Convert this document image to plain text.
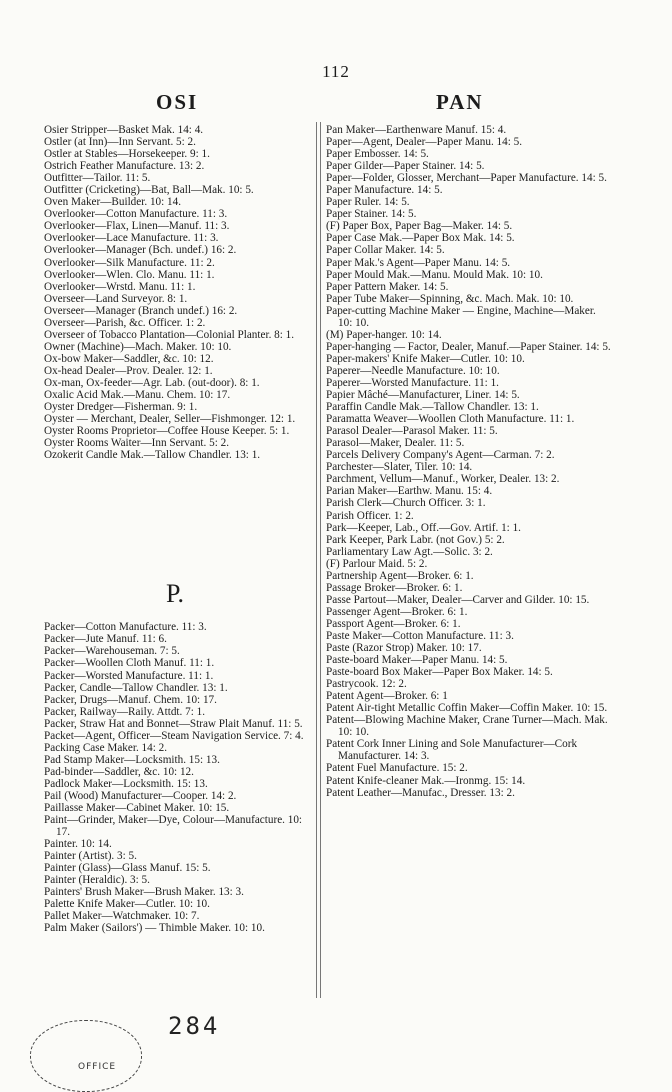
112
OSI	PAN

Osier Stripper—Basket Mak. 14: 4.

Ostler (at Inn)—Inn Servant. 5: 2.

Ostler at Stables—Horsekeeper. 9: 1.

Ostrich Feather Manufacture. 13: 2.

Outfitter—Tailor. 11: 5.

Outfitter (Cricketing)—Bat, Ball—Mak. 10: 5.

Oven Maker—Builder. 10: 14.

Overlooker—Cotton Manufacture. 11: 3.

Overlooker—Flax, Linen—Manuf. 11: 3.

Overlooker—Lace Manufacture. 11: 3.

Overlooker—Manager (Bch. undef.) 16: 2.

Overlooker—Silk Manufacture. 11: 2.

Overlooker—Wlen. Clo. Manu. 11: 1.

Overlooker—Wrstd. Manu. 11: 1.

Overseer—Land Surveyor. 8: 1.

Overseer—Manager (Branch undef.) 16: 2.

Overseer—Parish, &c. Officer. 1: 2.

Overseer of Tobacco Plantation—Colonial Planter. 8: 1.

Owner (Machine)—Mach. Maker. 10: 10.

Ox-bow Maker—Saddler, &c. 10: 12.

Ox-head Dealer—Prov. Dealer. 12: 1.

Ox-man, Ox-feeder—Agr. Lab. (out-door). 8: 1.

Oxalic Acid Mak.—Manu. Chem. 10: 17.

Oyster Dredger—Fisherman. 9: 1.

Oyster — Merchant, Dealer, Seller—Fishmonger. 12: 1.

Oyster Rooms Proprietor—Coffee House Keeper. 5: 1.

Oyster Rooms Waiter—Inn Servant. 5: 2.

Ozokerit Candle Mak.—Tallow Chandler. 13: 1.

P.

Packer—Cotton Manufacture. 11: 3.

Packer—Jute Manuf. 11: 6.

Packer—Warehouseman. 7: 5.

Packer—Woollen Cloth Manuf. 11: 1.

Packer—Worsted Manufacture. 11: 1.

Packer, Candle—Tallow Chandler. 13: 1.

Packer, Drugs—Manuf. Chem. 10: 17.

Packer, Railway—Raily. Attdt. 7: 1.

Packer, Straw Hat and Bonnet—Straw Plait Manuf. 11: 5.

Packet—Agent, Officer—Steam Navigation Service. 7: 4.

Packing Case Maker. 14: 2.

Pad Stamp Maker—Locksmith. 15: 13.

Pad-binder—Saddler, &c. 10: 12.

Padlock Maker—Locksmith. 15: 13.

Pail (Wood) Manufacturer—Cooper. 14: 2.

Paillasse Maker—Cabinet Maker. 10: 15.

Paint—Grinder, Maker—Dye, Colour—Manufacture. 10: 17.

Painter. 10: 14.

Painter (Artist). 3: 5.

Painter (Glass)—Glass Manuf. 15: 5.

Painter (Heraldic). 3: 5.

Painters' Brush Maker—Brush Maker. 13: 3.

Palette Knife Maker—Cutler. 10: 10.

Pallet Maker—Watchmaker. 10: 7.

Palm Maker (Sailors') — Thimble Maker. 10: 10.

Pan Maker—Earthenware Manuf. 15: 4.

Paper—Agent, Dealer—Paper Manu. 14: 5.

Paper Embosser. 14: 5.

Paper Gilder—Paper Stainer. 14: 5.

Paper—Folder, Glosser, Merchant—Paper Manufacture. 14: 5.

Paper Manufacture. 14: 5.

Paper Ruler. 14: 5.

Paper Stainer. 14: 5.

(F) Paper Box, Paper Bag—Maker. 14: 5.

Paper Case Mak.—Paper Box Mak. 14: 5.

Paper Collar Maker. 14: 5.

Paper Mak.'s Agent—Paper Manu. 14: 5.

Paper Mould Mak.—Manu. Mould Mak. 10: 10.

Paper Pattern Maker. 14: 5.

Paper Tube Maker—Spinning, &c. Mach. Mak. 10: 10.

Paper-cutting Machine Maker — Engine, Machine—Maker. 10: 10.

(M) Paper-hanger. 10: 14.

Paper-hanging — Factor, Dealer, Manuf.—Paper Stainer. 14: 5.

Paper-makers' Knife Maker—Cutler. 10: 10.

Paperer—Needle Manufacture. 10: 10.

Paperer—Worsted Manufacture. 11: 1.

Papier Mâché—Manufacturer, Liner. 14: 5.

Paraffin Candle Mak.—Tallow Chandler. 13: 1.

Paramatta Weaver—Woollen Cloth Manufacture. 11: 1.

Parasol Dealer—Parasol Maker. 11: 5.

Parasol—Maker, Dealer. 11: 5.

Parcels Delivery Company's Agent—Carman. 7: 2.

Parchester—Slater, Tiler. 10: 14.

Parchment, Vellum—Manuf., Worker, Dealer. 13: 2.

Parian Maker—Earthw. Manu. 15: 4.

Parish Clerk—Church Officer. 3: 1.

Parish Officer. 1: 2.

Park—Keeper, Lab., Off.—Gov. Artif. 1: 1.

Park Keeper, Park Labr. (not Gov.) 5: 2.

Parliamentary Law Agt.—Solic. 3: 2.

(F) Parlour Maid. 5: 2.

Partnership Agent—Broker. 6: 1.

Passage Broker—Broker. 6: 1.

Passe Partout—Maker, Dealer—Carver and Gilder. 10: 15.

Passenger Agent—Broker. 6: 1.

Passport Agent—Broker. 6: 1.

Paste Maker—Cotton Manufacture. 11: 3.

Paste (Razor Strop) Maker. 10: 17.

Paste-board Maker—Paper Manu. 14: 5.

Paste-board Box Maker—Paper Box Maker. 14: 5.

Pastrycook. 12: 2.

Patent Agent—Broker. 6: 1

Patent Air-tight Metallic Coffin Maker—Coffin Maker. 10: 15.

Patent—Blowing Machine Maker, Crane Turner—Mach. Mak. 10: 10.

Patent Cork Inner Lining and Sole Manufacturer—Cork Manufacturer. 14: 3.

Patent Fuel Manufacture. 15: 2.

Patent Knife-cleaner Mak.—Ironmg. 15: 14.

Patent Leather—Manufac., Dresser. 13: 2.

OFFICE
284
